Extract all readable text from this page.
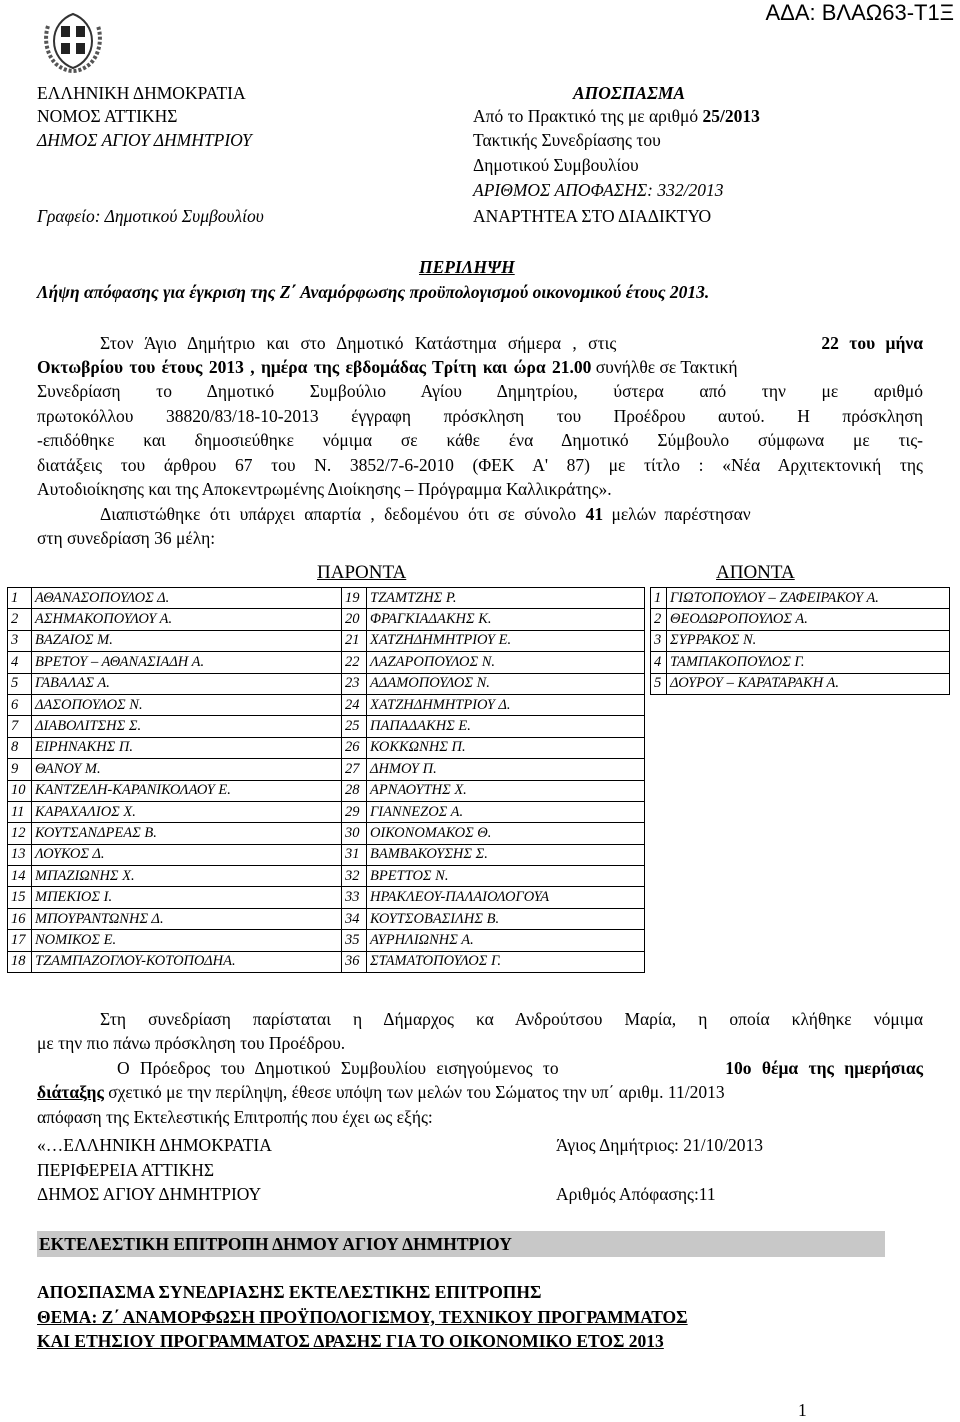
ΑΔΑ: ΒΛΑΩ63-Τ1Ξ
ΕΛΛΗΝΙΚΗ ΔΗΜΟΚΡΑΤΙΑ
ΝΟΜΟΣ ΑΤΤΙΚΗΣ
ΔΗΜΟΣ ΑΓΙΟΥ ΔΗΜΗΤΡΙΟΥ
Γραφείο: Δημοτικού Συμβουλίου
ΑΠΟΣΠΑΣΜΑ
Από το Πρακτικό της με αριθμό 25/2013
Τακτικής Συνεδρίασης του
Δημοτικού Συμβουλίου
ΑΡΙΘΜΟΣ ΑΠΟΦΑΣΗΣ: 332/2013
ΑΝΑΡΤΗΤΕΑ ΣΤΟ ΔΙΑΔΙΚΤΥΟ
ΠΕΡΙΛΗΨΗ
Λήψη απόφασης για έγκριση της Ζ΄ Αναμόρφωσης προϋπολογισμού οικονομικού έτους 2013.
Στον Άγιο Δημήτριο και στο Δημοτικό Κατάστημα σήμερα , στις	22 του μήνα
Οκτωβρίου του έτους 2013 , ημέρα της εβδομάδας Τρίτη και ώρα 21.00 συνήλθε σε Τακτική
Συνεδρίαση το Δημοτικό Συμβούλιο Αγίου Δημητρίου, ύστερα από την με αριθμό
πρωτοκόλλου 38820/83/18-10-2013 έγγραφη πρόσκληση του Προέδρου αυτού. Η πρόσκληση
-επιδόθηκε και δημοσιεύθηκε νόμιμα σε κάθε ένα Δημοτικό Σύμβουλο σύμφωνα με τις-
διατάξεις του άρθρου 67 του Ν. 3852/7-6-2010 (ΦΕΚ Α' 87) με τίτλο : «Νέα Αρχιτεκτονική της
Αυτοδιοίκησης και της Αποκεντρωμένης Διοίκησης – Πρόγραμμα Καλλικράτης».
Διαπιστώθηκε ότι υπάρχει απαρτία , δεδομένου ότι σε σύνολο 41 μελών παρέστησαν
στη συνεδρίαση 36 μέλη:
ΠΑΡΟΝΤΑ	ΑΠΟΝΤΑ
1	ΑΘΑΝΑΣΟΠΟΥΛΟΣ Δ.	19	ΤΖΑΜΤΖΗΣ Ρ.		1	ΓΙΩΤΟΠΟΥΛΟΥ – ΖΑΦΕΙΡΑΚΟΥ Α.
2	ΑΣΗΜΑΚΟΠΟΥΛΟΥ Α.	20	ΦΡΑΓΚΙΑΔΑΚΗΣ Κ.		2	ΘΕΟΔΩΡΟΠΟΥΛΟΣ Α.
3	ΒΑΖΑΙΟΣ Μ.	21	ΧΑΤΖΗΔΗΜΗΤΡΙΟΥ Ε.		3	ΣΥΡΡΑΚΟΣ Ν.
4	ΒΡΕΤΟΥ – ΑΘΑΝΑΣΙΑΔΗ Α.	22	ΛΑΖΑΡΟΠΟΥΛΟΣ Ν.		4	ΤΑΜΠΑΚΟΠΟΥΛΟΣ Γ.
5	ΓΑΒΑΛΑΣ Α.	23	ΑΔΑΜΟΠΟΥΛΟΣ Ν.		5	ΔΟΥΡΟΥ – ΚΑΡΑΤΑΡΑΚΗ Α.
6	ΔΑΣΟΠΟΥΛΟΣ Ν.	24	ΧΑΤΖΗΔΗΜΗΤΡΙΟΥ Δ.			
7	ΔΙΑΒΟΛΙΤΣΗΣ Σ.	25	ΠΑΠΑΔΑΚΗΣ Ε.			
8	ΕΙΡΗΝΑΚΗΣ Π.	26	ΚΟΚΚΩΝΗΣ Π.			
9	ΘΑΝΟΥ Μ.	27	ΔΗΜΟΥ Π.			
10	ΚΑΝΤΖΕΛΗ-ΚΑΡΑΝΙΚΟΛΑΟΥ Ε.	28	ΑΡΝΑΟΥΤΗΣ Χ.			
11	ΚΑΡΑΧΑΛΙΟΣ Χ.	29	ΓΙΑΝΝΕΖΟΣ Α.			
12	ΚΟΥΤΣΑΝΔΡΕΑΣ Β.	30	ΟΙΚΟΝΟΜΑΚΟΣ Θ.			
13	ΛΟΥΚΟΣ Δ.	31	ΒΑΜΒΑΚΟΥΣΗΣ Σ.			
14	ΜΠΑΖΙΩΝΗΣ Χ.	32	ΒΡΕΤΤΟΣ Ν.			
15	ΜΠΕΚΙΟΣ Ι.	33	ΗΡΑΚΛΕΟΥ-ΠΑΛΑΙΟΛΟΓΟΥΑ			
16	ΜΠΟΥΡΑΝΤΩΝΗΣ Δ.	34	ΚΟΥΤΣΟΒΑΣΙΛΗΣ Β.			
17	ΝΟΜΙΚΟΣ Ε.	35	ΑΥΡΗΛΙΩΝΗΣ Α.			
18	ΤΖΑΜΠΑΖΟΓΛΟΥ-ΚΟΤΟΠΟΔΗΑ.	36	ΣΤΑΜΑΤΟΠΟΥΛΟΣ Γ.			
Στη συνεδρίαση παρίσταται η Δήμαρχος κα Ανδρούτσου Μαρία, η οποία κλήθηκε νόμιμα
με την πιο πάνω πρόσκληση του Προέδρου.
Ο Πρόεδρος του Δημοτικού Συμβουλίου εισηγούμενος το	10ο θέμα της ημερήσιας
διάταξης σχετικό με την περίληψη, έθεσε υπόψη των μελών του Σώματος την υπ΄ αριθμ. 11/2013
απόφαση της Εκτελεστικής Επιτροπής που έχει ως εξής:
«…ΕΛΛΗΝΙΚΗ ΔΗΜΟΚΡΑΤΙΑ	Άγιος Δημήτριος: 21/10/2013
ΠΕΡΙΦΕΡΕΙΑ ΑΤΤΙΚΗΣ
ΔΗΜΟΣ ΑΓΙΟΥ ΔΗΜΗΤΡΙΟΥ	Αριθμός Απόφασης:11
ΕΚΤΕΛΕΣΤΙΚΗ ΕΠΙΤΡΟΠΗ ΔΗΜΟΥ ΑΓΙΟΥ ΔΗΜΗΤΡΙΟΥ
ΑΠΟΣΠΑΣΜΑ ΣΥΝΕΔΡΙΑΣΗΣ ΕΚΤΕΛΕΣΤΙΚΗΣ ΕΠΙΤΡΟΠΗΣ
ΘΕΜΑ: Ζ΄ ΑΝΑΜΟΡΦΩΣΗ ΠΡΟΫΠΟΛΟΓΙΣΜΟΥ, ΤΕΧΝΙΚΟΥ ΠΡΟΓΡΑΜΜΑΤΟΣ
ΚΑΙ ΕΤΗΣΙΟΥ ΠΡΟΓΡΑΜΜΑΤΟΣ ΔΡΑΣΗΣ ΓΙΑ ΤΟ ΟΙΚΟΝΟΜΙΚΟ ΕΤΟΣ 2013
1
